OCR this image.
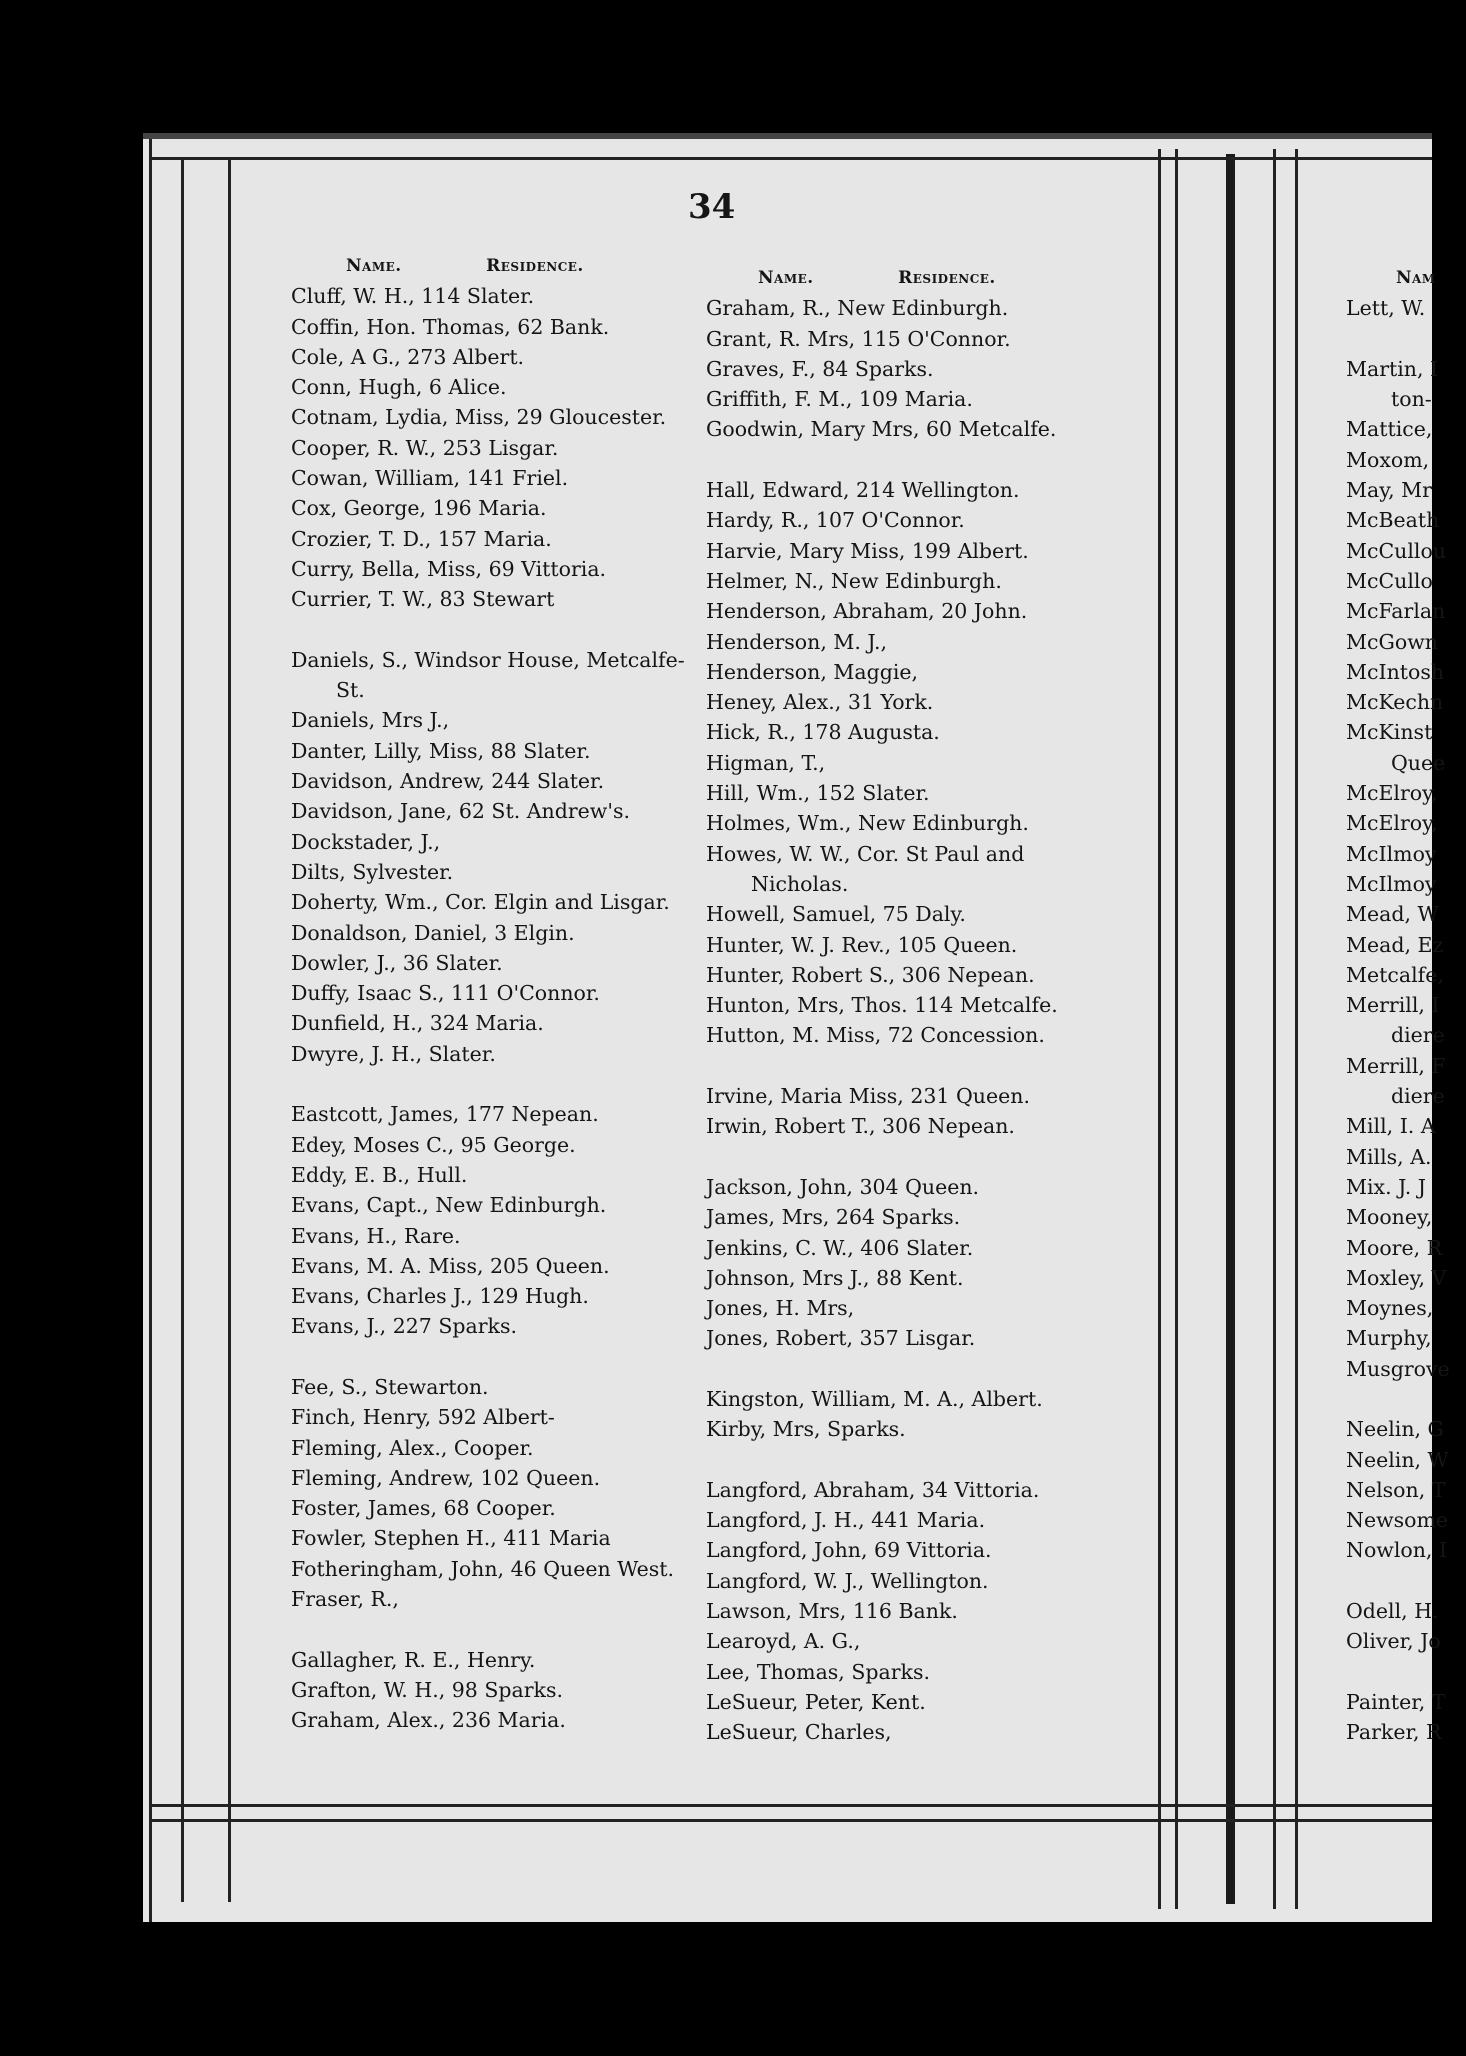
34
Name.	Residence.
Cluff, W. H., 114 Slater.
Coffin, Hon. Thomas, 62 Bank.
Cole, A G., 273 Albert.
Conn, Hugh, 6 Alice.
Cotnam, Lydia, Miss, 29 Gloucester.
Cooper, R. W., 253 Lisgar.
Cowan, William, 141 Friel.
Cox, George, 196 Maria.
Crozier, T. D., 157 Maria.
Curry, Bella, Miss, 69 Vittoria.
Currier, T. W., 83 Stewart
Daniels, S., Windsor House, Metcalfe-
St.
Daniels, Mrs J.,
Danter, Lilly, Miss, 88 Slater.
Davidson, Andrew, 244 Slater.
Davidson, Jane, 62 St. Andrew's.
Dockstader, J.,
Dilts, Sylvester.
Doherty, Wm., Cor. Elgin and Lisgar.
Donaldson, Daniel, 3 Elgin.
Dowler, J., 36 Slater.
Duffy, Isaac S., 111 O'Connor.
Dunfield, H., 324 Maria.
Dwyre, J. H., Slater.
Eastcott, James, 177 Nepean.
Edey, Moses C., 95 George.
Eddy, E. B., Hull.
Evans, Capt., New Edinburgh.
Evans, H., Rare.
Evans, M. A. Miss, 205 Queen.
Evans, Charles J., 129 Hugh.
Evans, J., 227 Sparks.
Fee, S., Stewarton.
Finch, Henry, 592 Albert-
Fleming, Alex., Cooper.
Fleming, Andrew, 102 Queen.
Foster, James, 68 Cooper.
Fowler, Stephen H., 411 Maria
Fotheringham, John, 46 Queen West.
Fraser, R.,
Gallagher, R. E., Henry.
Grafton, W. H., 98 Sparks.
Graham, Alex., 236 Maria.
Name.	Residence.
Graham, R., New Edinburgh.
Grant, R. Mrs, 115 O'Connor.
Graves, F., 84 Sparks.
Griffith, F. M., 109 Maria.
Goodwin, Mary Mrs, 60 Metcalfe.
Hall, Edward, 214 Wellington.
Hardy, R., 107 O'Connor.
Harvie, Mary Miss, 199 Albert.
Helmer, N., New Edinburgh.
Henderson, Abraham, 20 John.
Henderson, M. J.,
Henderson, Maggie,
Heney, Alex., 31 York.
Hick, R., 178 Augusta.
Higman, T.,
Hill, Wm., 152 Slater.
Holmes, Wm., New Edinburgh.
Howes, W. W., Cor. St Paul and
Nicholas.
Howell, Samuel, 75 Daly.
Hunter, W. J. Rev., 105 Queen.
Hunter, Robert S., 306 Nepean.
Hunton, Mrs, Thos. 114 Metcalfe.
Hutton, M. Miss, 72 Concession.
Irvine, Maria Miss, 231 Queen.
Irwin, Robert T., 306 Nepean.
Jackson, John, 304 Queen.
James, Mrs, 264 Sparks.
Jenkins, C. W., 406 Slater.
Johnson, Mrs J., 88 Kent.
Jones, H. Mrs,
Jones, Robert, 357 Lisgar.
Kingston, William, M. A., Albert.
Kirby, Mrs, Sparks.
Langford, Abraham, 34 Vittoria.
Langford, J. H., 441 Maria.
Langford, John, 69 Vittoria.
Langford, W. J., Wellington.
Lawson, Mrs, 116 Bank.
Learoyd, A. G.,
Lee, Thomas, Sparks.
LeSueur, Peter, Kent.
LeSueur, Charles,
Nam
Lett, W.
Martin, I
ton-
Mattice,
Moxom,
May, Mr
McBeath
McCullou
McCullo
McFarlan
McGown
McIntosh
McKechn
McKinst
Quee
McElroy,
McElroy,
McIlmoy
McIlmoy
Mead, W
Mead, Ez
Metcalfe,
Merrill, I
diere
Merrill, F
diere
Mill, I. A
Mills, A.
Mix. J. J
Mooney,
Moore, R
Moxley, V
Moynes,
Murphy,
Musgrove
Neelin, G
Neelin, W
Nelson, T
Newsome
Nowlon, I
Odell, H.
Oliver, Jo
Painter, T
Parker, R
